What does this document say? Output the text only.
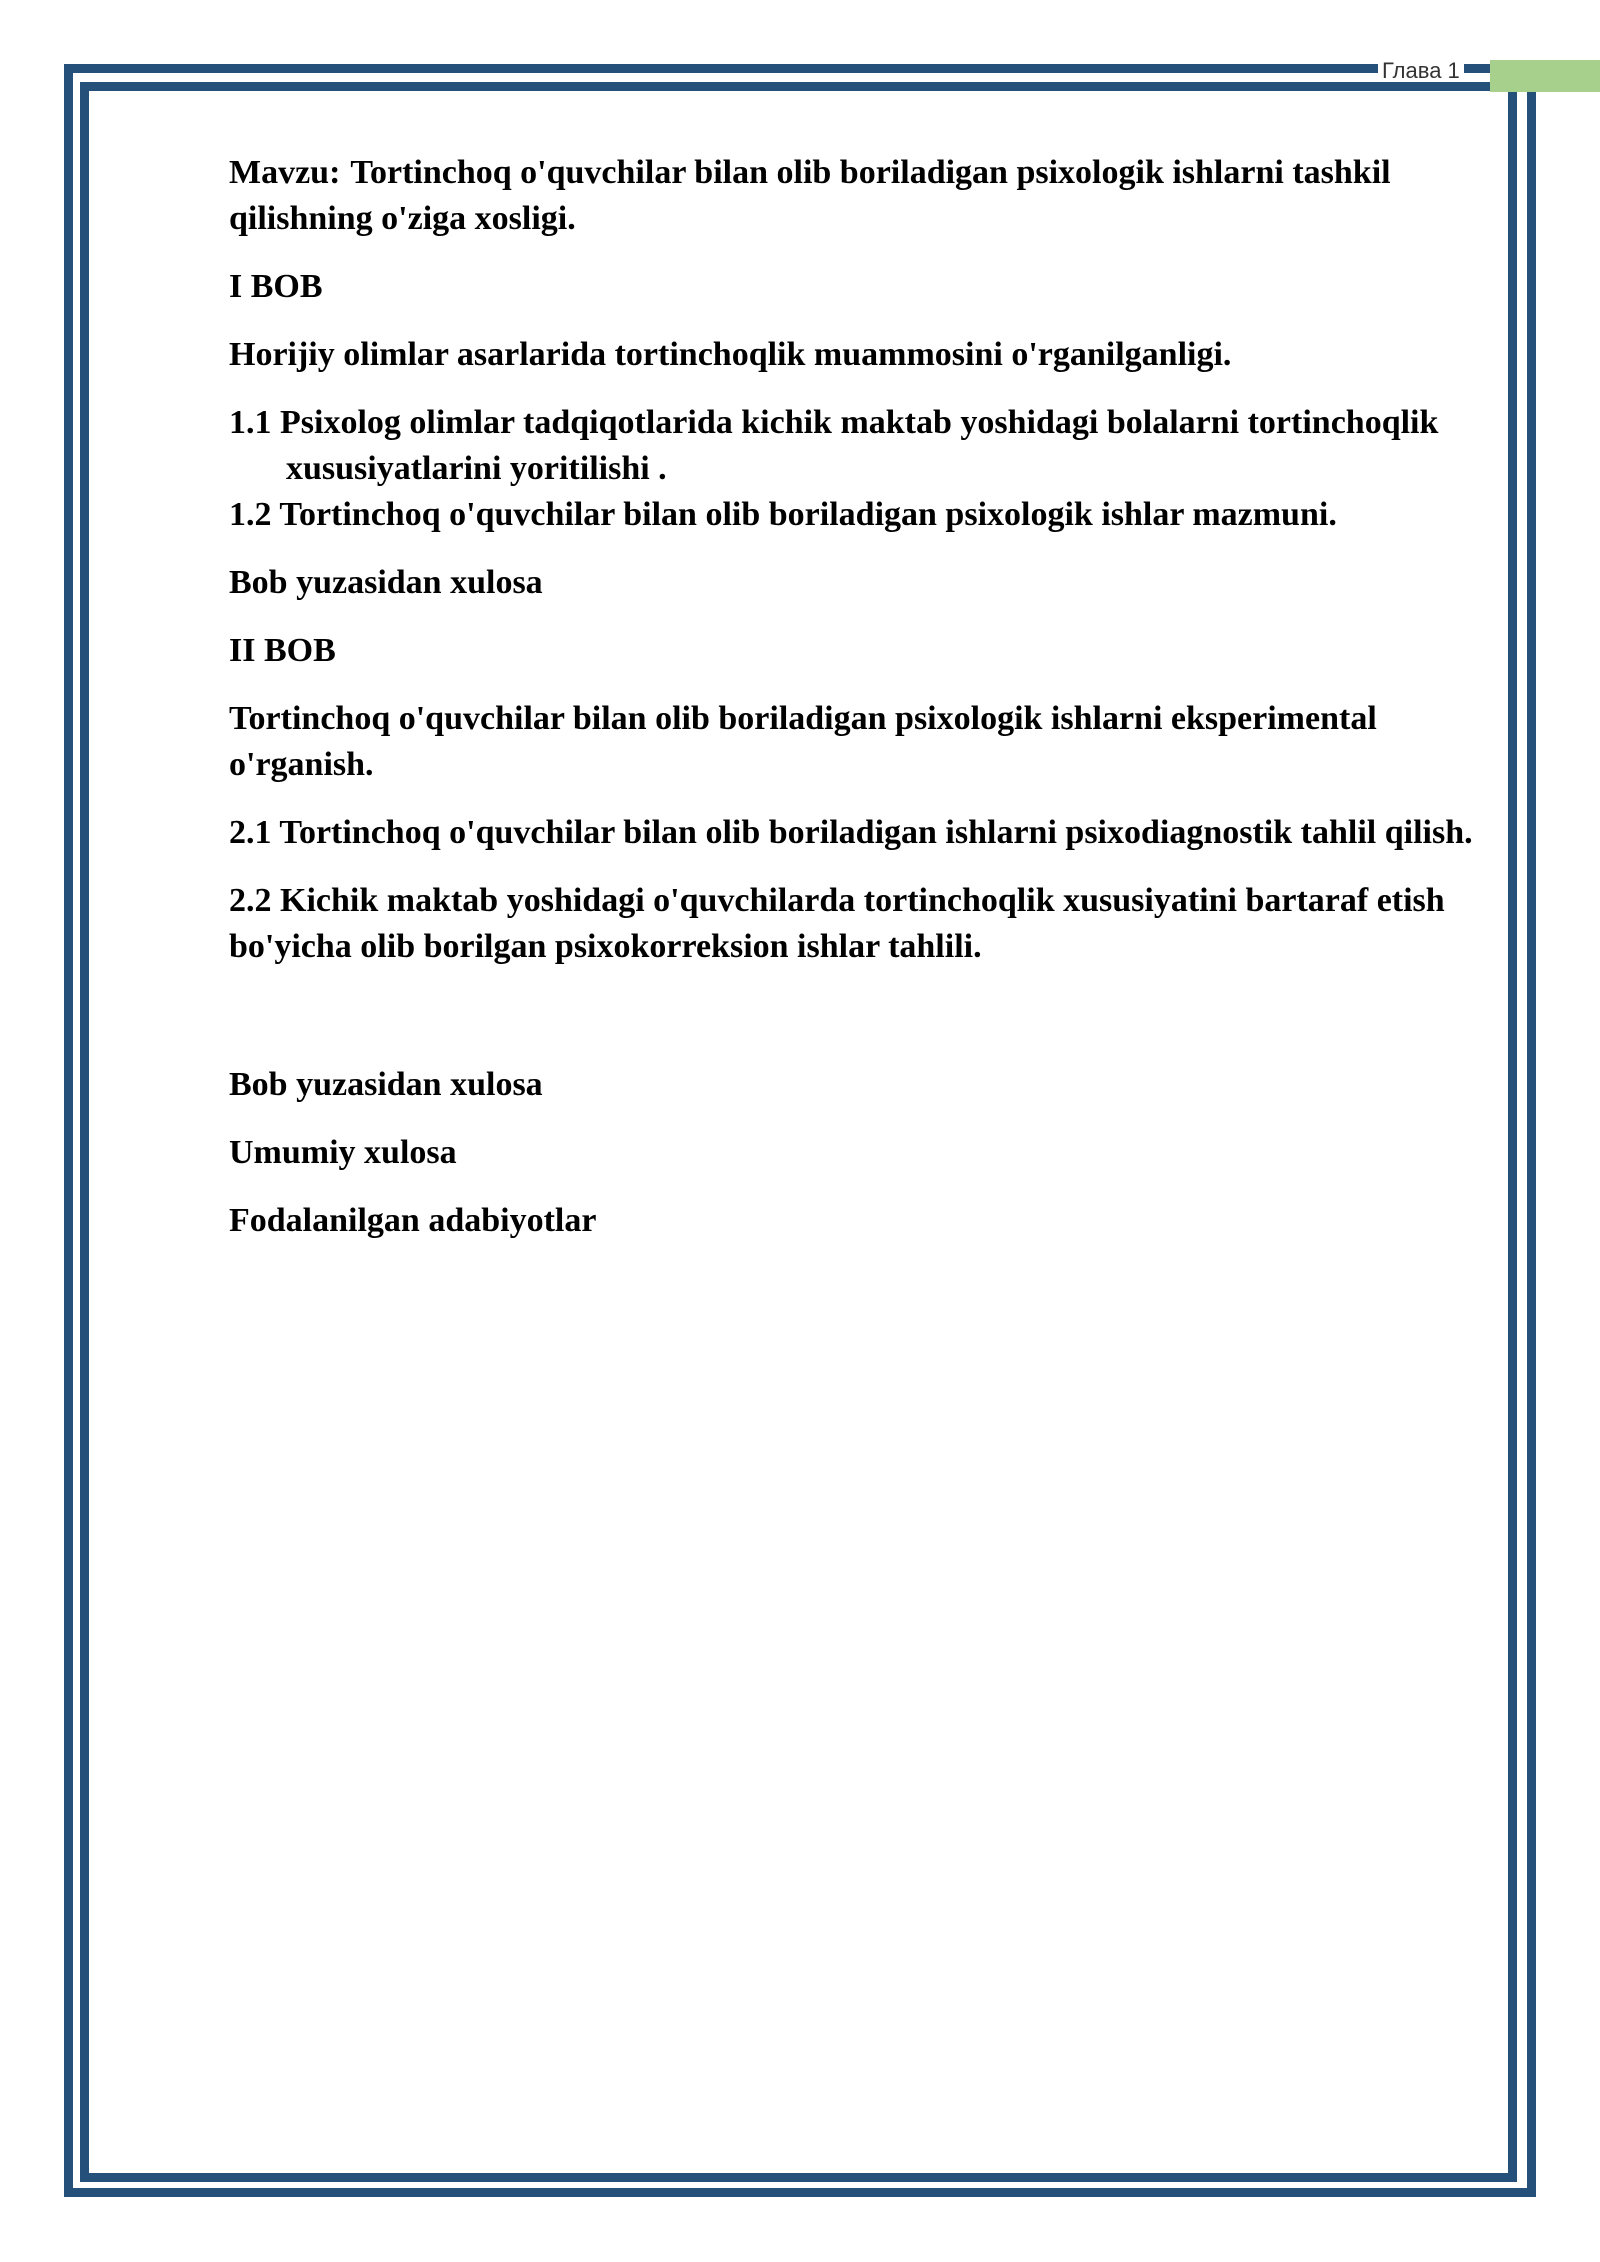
Глава 1

Mavzu: Tortinchoq o'quvchilar bilan olib boriladigan psixologik ishlarni tashkil qilishning o'ziga xosligi.

I BOB

Horijiy olimlar asarlarida tortinchoqlik muammosini o'rganilganligi.

1.1 Psixolog olimlar tadqiqotlarida kichik maktab yoshidagi bolalarni tortinchoqlik xususiyatlarini yoritilishi .

1.2 Tortinchoq o'quvchilar bilan olib boriladigan psixologik ishlar mazmuni.

Bob yuzasidan xulosa

II BOB

Tortinchoq o'quvchilar bilan olib boriladigan psixologik ishlarni eksperimental o'rganish.

2.1 Tortinchoq o'quvchilar bilan olib boriladigan ishlarni psixodiagnostik tahlil qilish.

2.2 Kichik maktab yoshidagi o'quvchilarda tortinchoqlik xususiyatini bartaraf etish bo'yicha olib borilgan psixokorreksion ishlar tahlili.

Bob yuzasidan xulosa

Umumiy xulosa

Fodalanilgan adabiyotlar
